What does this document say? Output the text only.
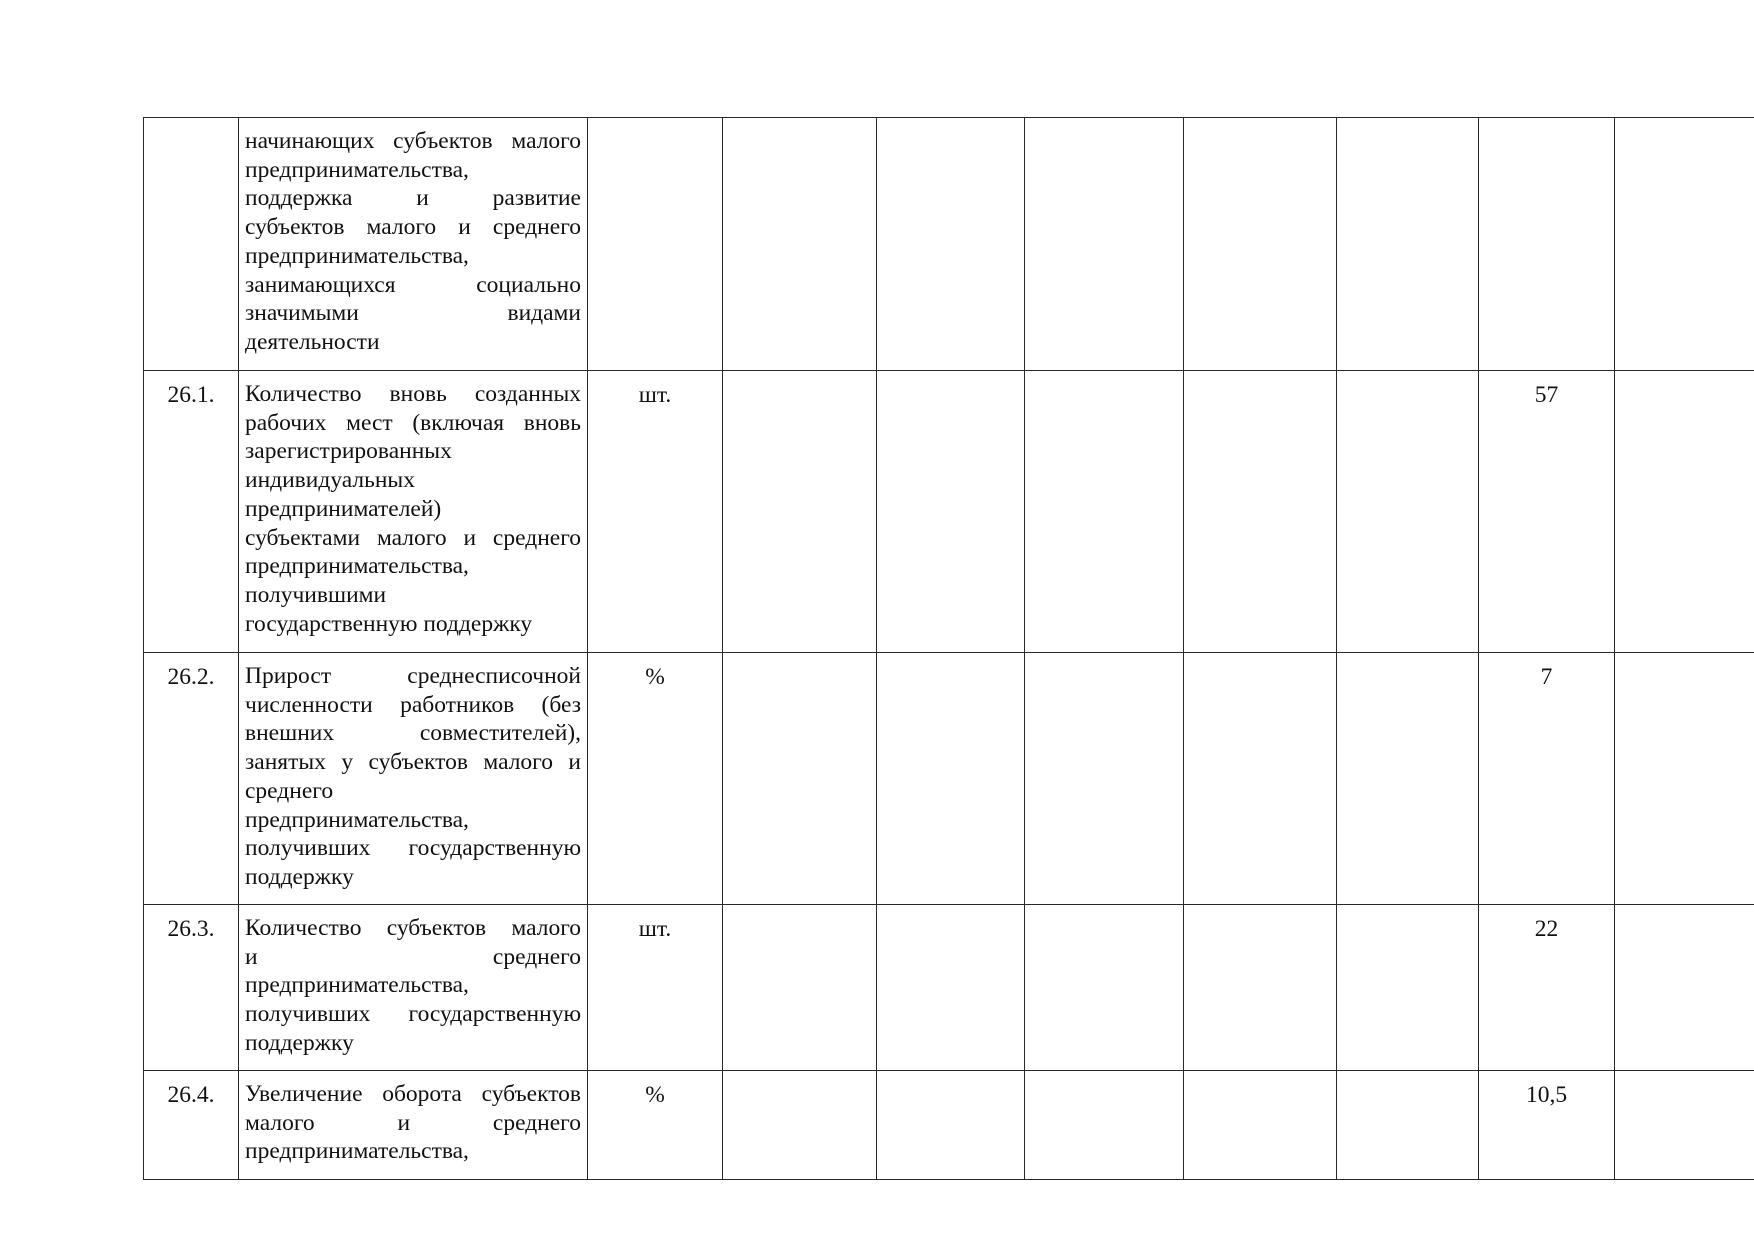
начинающих субъектов малого
предпринимательства,
поддержка и развитие
субъектов малого и среднего
предпринимательства,
занимающихся социально
значимыми видами
деятельности

26.1.	Количество вновь созданных
рабочих мест (включая вновь
зарегистрированных
индивидуальных
предпринимателей)
субъектами малого и среднего
предпринимательства,
получившими
государственную поддержку
	шт.						57		
26.2.	Прирост среднесписочной
численности работников (без
внешних совместителей),
занятых у субъектов малого и
среднего
предпринимательства,
получивших государственную
поддержку
	%						7		
26.3.	Количество субъектов малого
и среднего
предпринимательства,
получивших государственную
поддержку	шт.						22		
26.4.	Увеличение оборота субъектов
малого и среднего
предпринимательства,	%						10,5		
